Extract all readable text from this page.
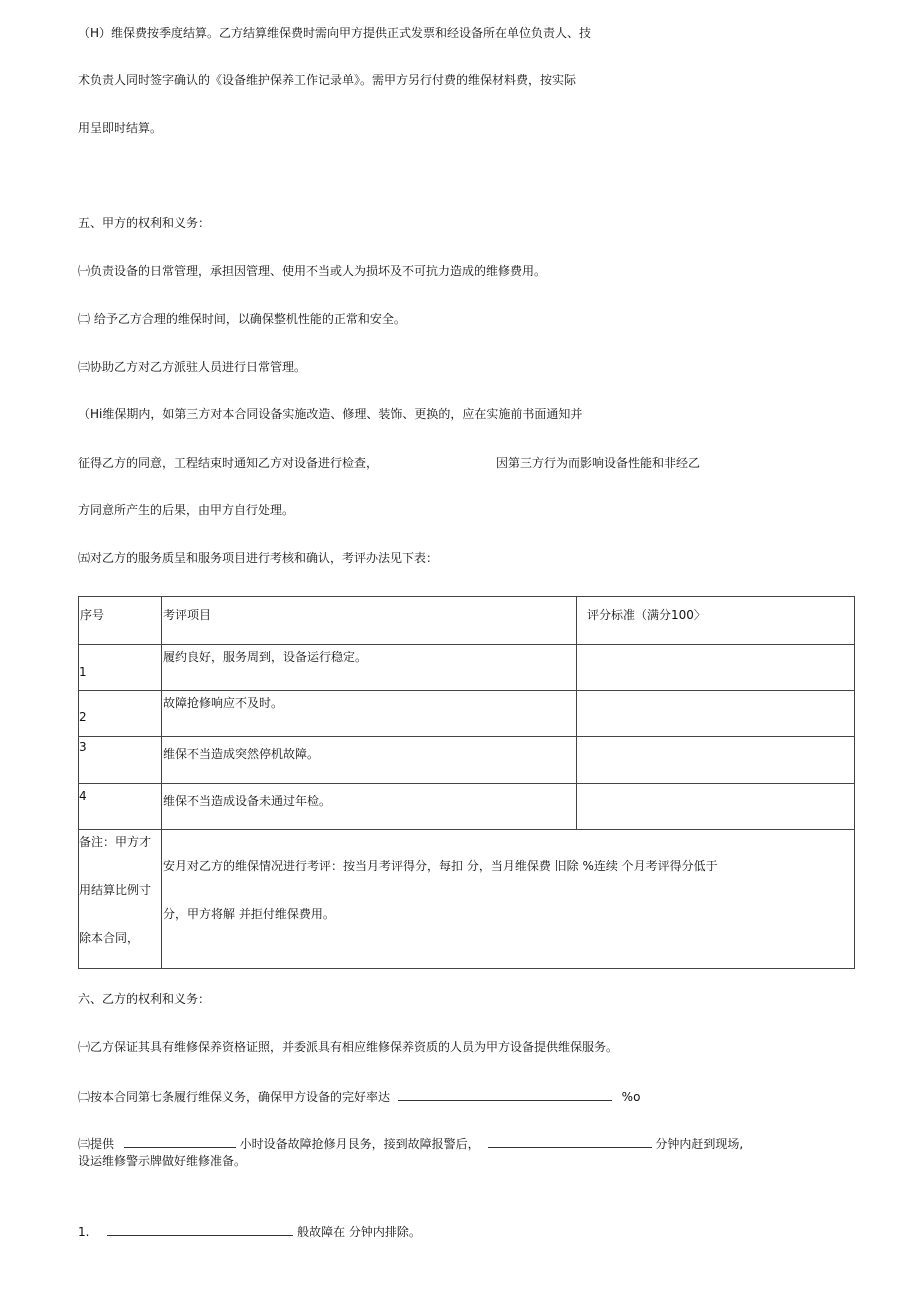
（H）维保费按季度结算。乙方结算维保费时需向甲方提供正式发票和经设备所在单位负责人、技
术负责人同时签字确认的《设备维护保养工作记录单》。需甲方另行付费的维保材料费，按实际
用呈即时结算。
五、甲方的权利和义务：
㈠负责设备的日常管理，承担因管理、使用不当或人为损坏及不可抗力造成的维修费用。
㈡ 给予乙方合理的维保时间，以确保整机性能的正常和安全。
㈢协助乙方对乙方派驻人员进行日常管理。
（Hi维保期内，如第三方对本合同设备实施改造、修理、装饰、更换的，应在实施前书面通知并
征得乙方的同意，工程结束时通知乙方对设备进行检查，	因第三方行为而影响设备性能和非经乙
方同意所产生的后果，由甲方自行处理。
㈤对乙方的服务质呈和服务项目进行考核和确认，考评办法见下表：
序号	考评项目	评分标准（满分100〉

1	履约良好，服务周到，设备运行稳定。	

2	故障抢修响应不及时。	

3	维保不当造成突然停机故障。	

4	维保不当造成设备未通过年检。	

备注：甲方才
用结算比例寸
除本合同，	安月对乙方的维保情况进行考评：按当月考评得分，每扣 分，当月维保费 旧除 %连续 个月考评得分低于
分，甲方将解 并拒付维保费用。	
六、乙方的权利和义务：
㈠乙方保证其具有维修保养资格证照，并委派具有相应维修保养资质的人员为甲方设备提供维保服务。
㈡按本合同第七条履行维保义务，确保甲方设备的完好率达	%o
㈢提供	小时设备故障抢修月艮务，接到故障报警后，	分钟内赶到现场,
设运维修警示牌做好维修准备。
1.	般故障在 分钟内排除。
